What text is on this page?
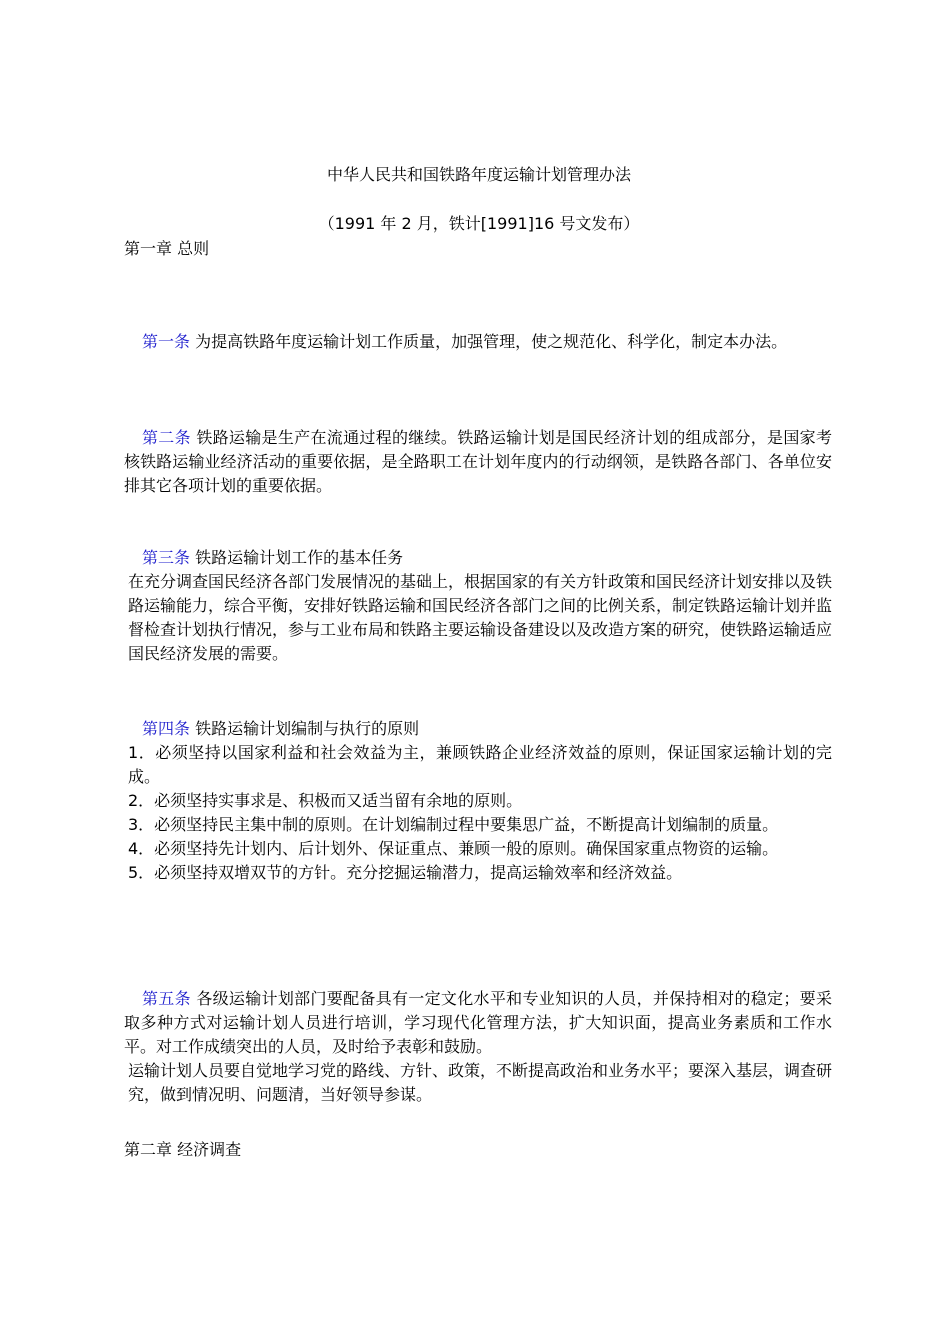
中华人民共和国铁路年度运输计划管理办法
（1991 年 2 月，铁计[1991]16 号文发布）
第一章 总则
第一条 为提高铁路年度运输计划工作质量，加强管理，使之规范化、科学化，制定本办法。
第二条 铁路运输是生产在流通过程的继续。铁路运输计划是国民经济计划的组成部分，是国家考核铁路运输业经济活动的重要依据，是全路职工在计划年度内的行动纲领，是铁路各部门、各单位安排其它各项计划的重要依据。
第三条 铁路运输计划工作的基本任务
在充分调查国民经济各部门发展情况的基础上，根据国家的有关方针政策和国民经济计划安排以及铁路运输能力，综合平衡，安排好铁路运输和国民经济各部门之间的比例关系，制定铁路运输计划并监督检查计划执行情况，参与工业布局和铁路主要运输设备建设以及改造方案的研究，使铁路运输适应国民经济发展的需要。
第四条 铁路运输计划编制与执行的原则
1．必须坚持以国家利益和社会效益为主，兼顾铁路企业经济效益的原则，保证国家运输计划的完成。
2．必须坚持实事求是、积极而又适当留有余地的原则。
3．必须坚持民主集中制的原则。在计划编制过程中要集思广益，不断提高计划编制的质量。
4．必须坚持先计划内、后计划外、保证重点、兼顾一般的原则。确保国家重点物资的运输。
5．必须坚持双增双节的方针。充分挖掘运输潜力，提高运输效率和经济效益。
第五条 各级运输计划部门要配备具有一定文化水平和专业知识的人员，并保持相对的稳定；要采取多种方式对运输计划人员进行培训，学习现代化管理方法，扩大知识面，提高业务素质和工作水平。对工作成绩突出的人员，及时给予表彰和鼓励。
运输计划人员要自觉地学习党的路线、方针、政策，不断提高政治和业务水平；要深入基层，调查研究，做到情况明、问题清，当好领导参谋。
第二章 经济调查
